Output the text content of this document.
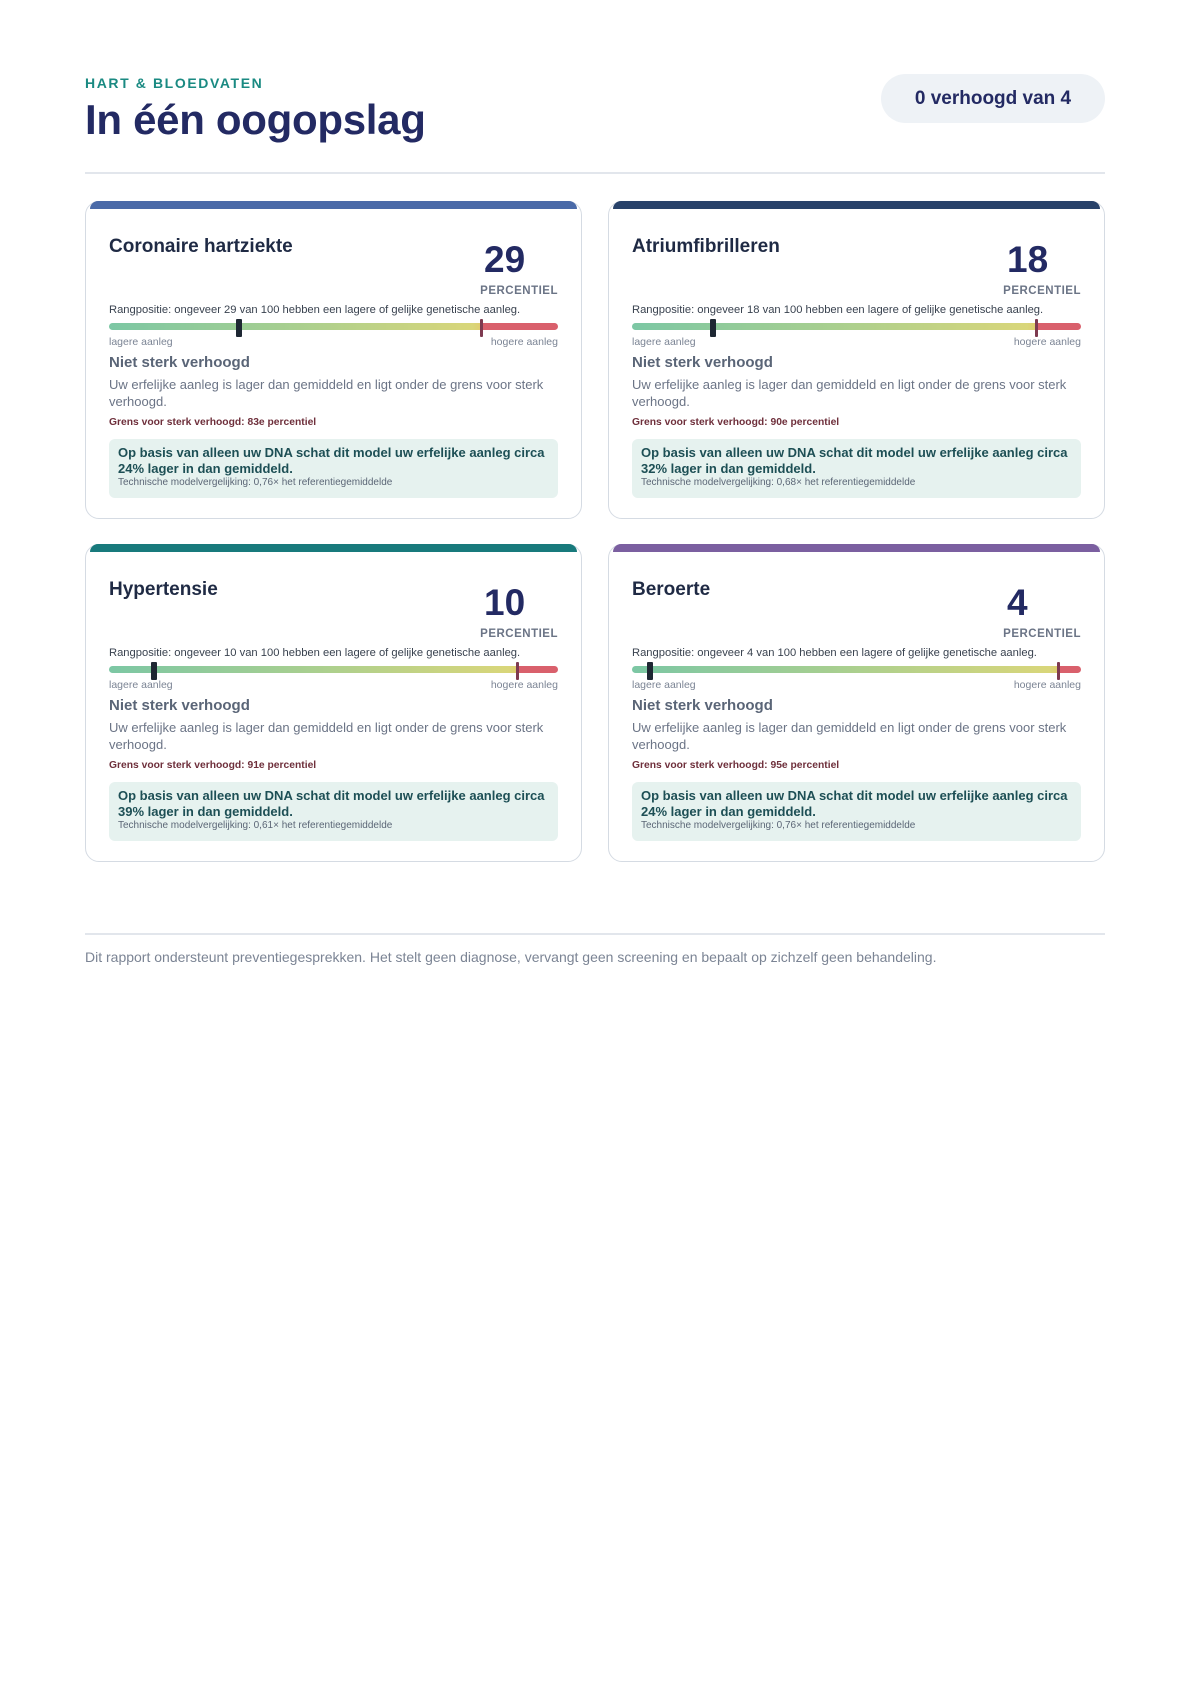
HART & BLOEDVATEN
In één oogopslag	0 verhoogd van 4
Coronaire hartziekte	29
PERCENTIEL
Rangpositie: ongeveer 29 van 100 hebben een lagere of gelijke genetische aanleg.
lagere aanleg	hogere aanleg
Niet sterk verhoogd
Uw erfelijke aanleg is lager dan gemiddeld en ligt onder de grens voor sterk verhoogd.
Grens voor sterk verhoogd: 83e percentiel
Op basis van alleen uw DNA schat dit model uw erfelijke aanleg circa 24% lager in dan gemiddeld.
Technische modelvergelijking: 0,76× het referentiegemiddelde
Atriumfibrilleren	18
PERCENTIEL
Rangpositie: ongeveer 18 van 100 hebben een lagere of gelijke genetische aanleg.
lagere aanleg	hogere aanleg
Niet sterk verhoogd
Uw erfelijke aanleg is lager dan gemiddeld en ligt onder de grens voor sterk verhoogd.
Grens voor sterk verhoogd: 90e percentiel
Op basis van alleen uw DNA schat dit model uw erfelijke aanleg circa 32% lager in dan gemiddeld.
Technische modelvergelijking: 0,68× het referentiegemiddelde
Hypertensie	10
PERCENTIEL
Rangpositie: ongeveer 10 van 100 hebben een lagere of gelijke genetische aanleg.
lagere aanleg	hogere aanleg
Niet sterk verhoogd
Uw erfelijke aanleg is lager dan gemiddeld en ligt onder de grens voor sterk verhoogd.
Grens voor sterk verhoogd: 91e percentiel
Op basis van alleen uw DNA schat dit model uw erfelijke aanleg circa 39% lager in dan gemiddeld.
Technische modelvergelijking: 0,61× het referentiegemiddelde
Beroerte	4
PERCENTIEL
Rangpositie: ongeveer 4 van 100 hebben een lagere of gelijke genetische aanleg.
lagere aanleg	hogere aanleg
Niet sterk verhoogd
Uw erfelijke aanleg is lager dan gemiddeld en ligt onder de grens voor sterk verhoogd.
Grens voor sterk verhoogd: 95e percentiel
Op basis van alleen uw DNA schat dit model uw erfelijke aanleg circa 24% lager in dan gemiddeld.
Technische modelvergelijking: 0,76× het referentiegemiddelde
Dit rapport ondersteunt preventiegesprekken. Het stelt geen diagnose, vervangt geen screening en bepaalt op zichzelf geen behandeling.
